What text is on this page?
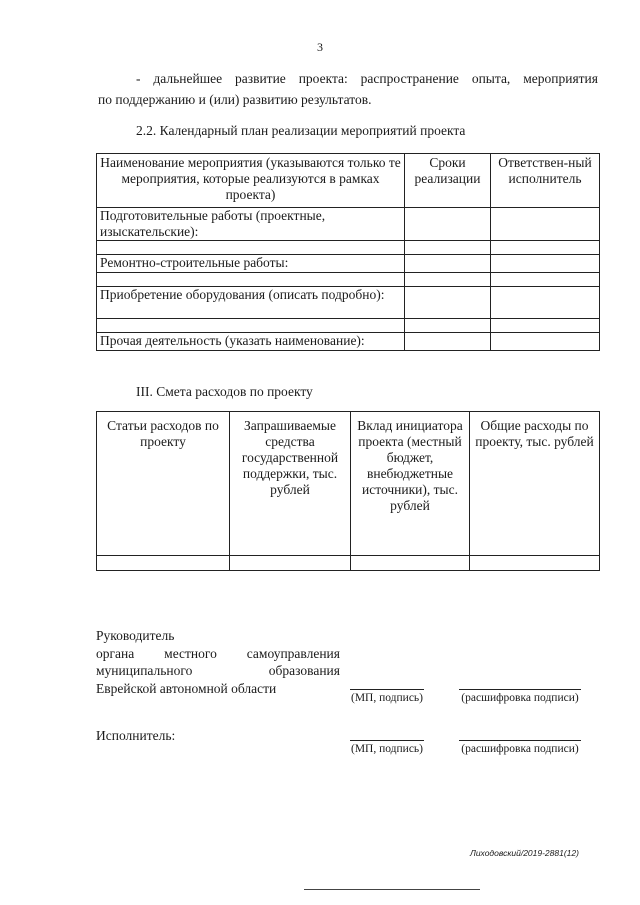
3
- дальнейшее развитие проекта: распространение опыта, мероприятия
по поддержанию и (или) развитию результатов.
2.2. Календарный план реализации мероприятий проекта
Наименование мероприятия (указываются только те мероприятия, которые реализуются в рамках проекта)	Сроки реализации	Ответствен-ный исполнитель
Подготовительные работы (проектные, изыскательские):		

Ремонтно-строительные работы:		

Приобретение оборудования (описать подробно):		

Прочая деятельность (указать наименование):		
III. Смета расходов по проекту
Статьи расходов по проекту	Запрашиваемые средства государственной поддержки, тыс. рублей	Вклад инициатора проекта (местный бюджет, внебюджетные источники), тыс. рублей	Общие расходы по проекту, тыс. рублей

Руководитель
органа местного самоуправления
муниципального образования
Еврейской автономной области
(МП, подпись)	(расшифровка подписи)
Исполнитель:
(МП, подпись)	(расшифровка подписи)
Лиходовский/2019-2881(12)
